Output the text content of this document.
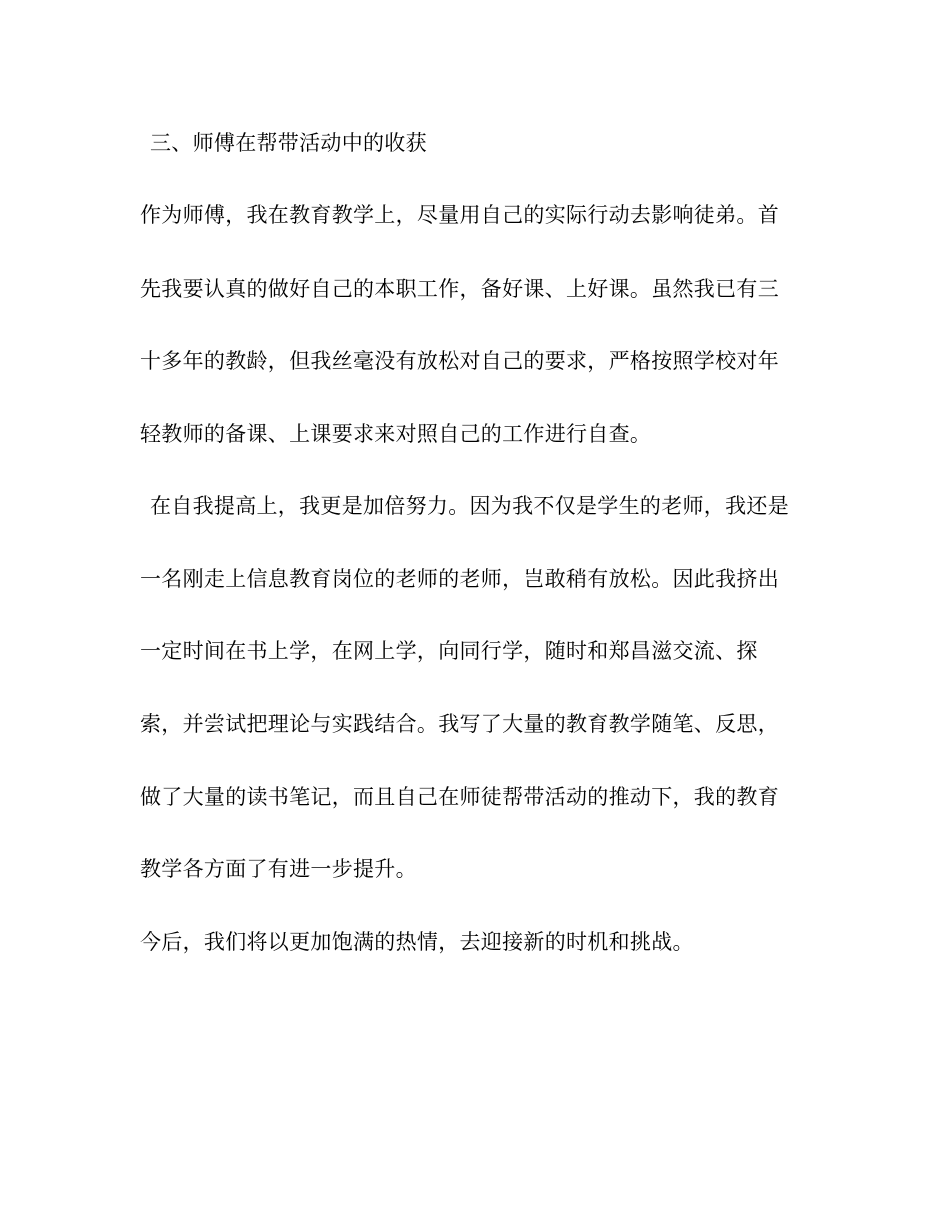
三、师傅在帮带活动中的收获
作为师傅，我在教育教学上，尽量用自己的实际行动去影响徒弟。首
先我要认真的做好自己的本职工作，备好课、上好课。虽然我已有三
十多年的教龄，但我丝毫没有放松对自己的要求，严格按照学校对年
轻教师的备课、上课要求来对照自己的工作进行自查。
在自我提高上，我更是加倍努力。因为我不仅是学生的老师，我还是
一名刚走上信息教育岗位的老师的老师，岂敢稍有放松。因此我挤出
一定时间在书上学，在网上学，向同行学，随时和郑昌滋交流、探
索，并尝试把理论与实践结合。我写了大量的教育教学随笔、反思，
做了大量的读书笔记，而且自己在师徒帮带活动的推动下，我的教育
教学各方面了有进一步提升。
今后，我们将以更加饱满的热情，去迎接新的时机和挑战。
